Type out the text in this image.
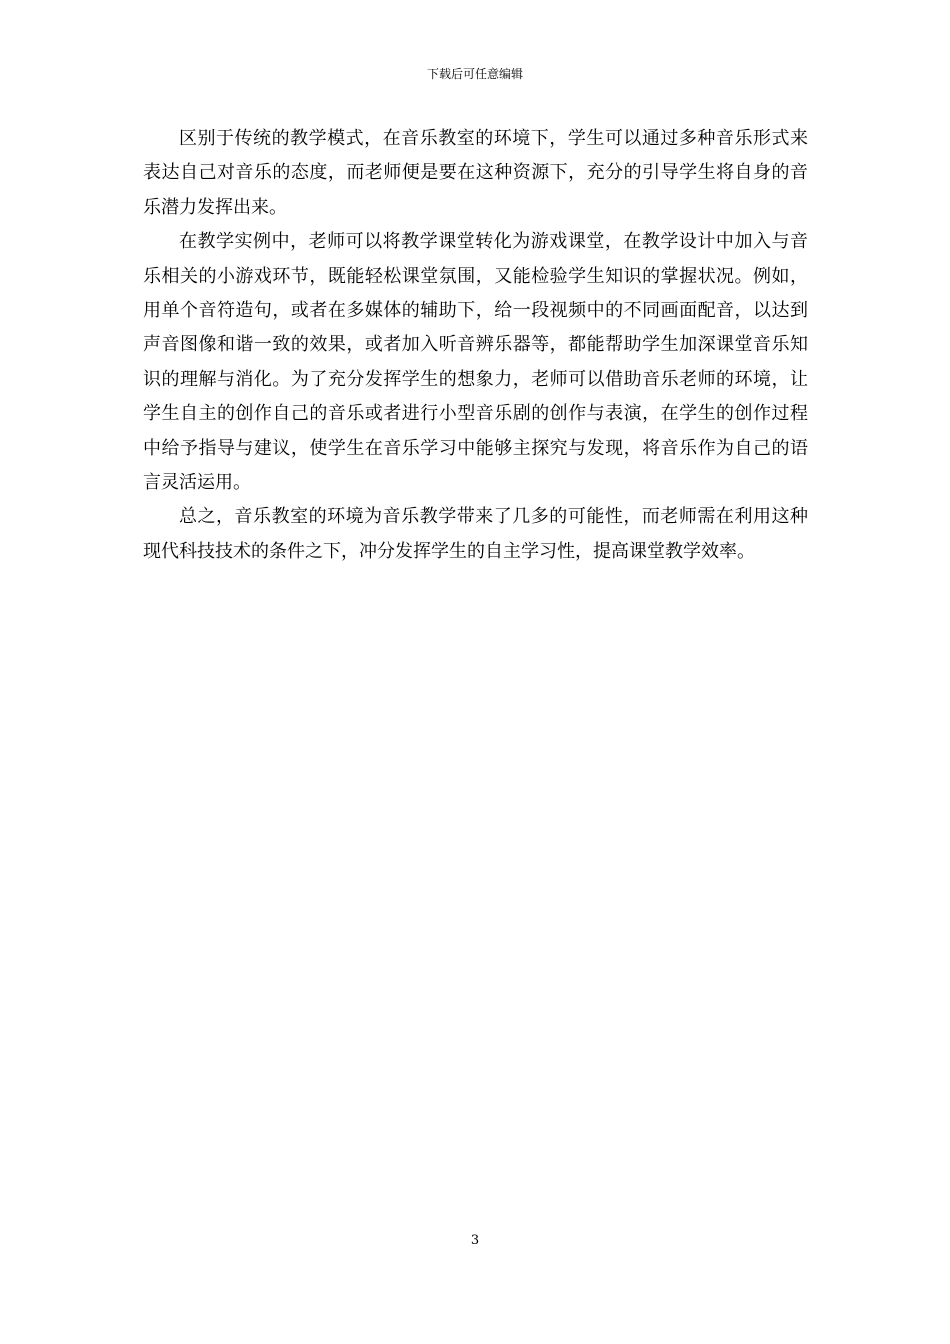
下载后可任意编辑

区别于传统的教学模式，在音乐教室的环境下，学生可以通过多种音乐形式来表达自己对音乐的态度，而老师便是要在这种资源下，充分的引导学生将自身的音乐潜力发挥出来。

在教学实例中，老师可以将教学课堂转化为游戏课堂，在教学设计中加入与音乐相关的小游戏环节，既能轻松课堂氛围，又能检验学生知识的掌握状况。例如，用单个音符造句，或者在多媒体的辅助下，给一段视频中的不同画面配音，以达到声音图像和谐一致的效果，或者加入听音辨乐器等，都能帮助学生加深课堂音乐知识的理解与消化。为了充分发挥学生的想象力，老师可以借助音乐老师的环境，让学生自主的创作自己的音乐或者进行小型音乐剧的创作与表演，在学生的创作过程中给予指导与建议，使学生在音乐学习中能够主探究与发现，将音乐作为自己的语言灵活运用。

总之，音乐教室的环境为音乐教学带来了几多的可能性，而老师需在利用这种现代科技技术的条件之下，冲分发挥学生的自主学习性，提高课堂教学效率。

3
